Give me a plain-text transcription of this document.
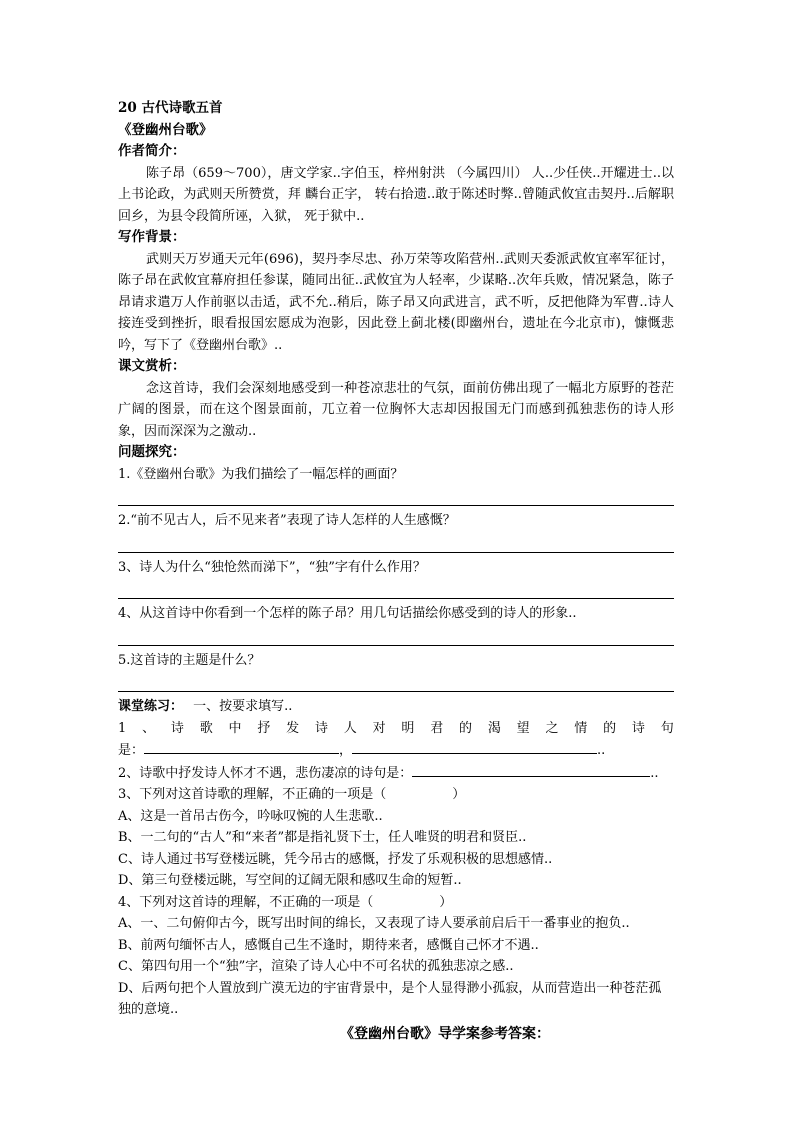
20 古代诗歌五首
《登幽州台歌》
作者简介：
陈子昂（659～700），唐文学家..字伯玉，梓州射洪 （今属四川） 人..少任侠..开耀进士..以上书论政，为武则天所赞赏，拜 麟台正字， 转右拾遗..敢于陈述时弊..曾随武攸宜击契丹..后解职 回乡，为县令段简所诬，入狱， 死于狱中..
写作背景：
武则天万岁通天元年(696)，契丹李尽忠、孙万荣等攻陷营州..武则天委派武攸宜率军征讨，陈子昂在武攸宜幕府担任参谋，随同出征..武攸宜为人轻率，少谋略..次年兵败，情况紧急，陈子昂请求遣万人作前驱以击适，武不允..稍后，陈子昂又向武进言，武不听，反把他降为军曹..诗人接连受到挫折，眼看报国宏愿成为泡影，因此登上蓟北楼(即幽州台，遗址在今北京市)，慷慨悲吟，写下了《登幽州台歌》..
课文赏析：
念这首诗，我们会深刻地感受到一种苍凉悲壮的气氛，面前仿佛出现了一幅北方原野的苍茫广阔的图景，而在这个图景面前，兀立着一位胸怀大志却因报国无门而感到孤独悲伤的诗人形象，因而深深为之激动..
问题探究：
1.《登幽州台歌》为我们描绘了一幅怎样的画面？
2.“前不见古人，后不见来者”表现了诗人怎样的人生感慨？
3、诗人为什么“独怆然而涕下”，“独”字有什么作用？
4、从这首诗中你看到一个怎样的陈子昂？用几句话描绘你感受到的诗人的形象..
5.这首诗的主题是什么？
课堂练习： 一、按要求填写..
1 、 诗 歌 中 抒 发 诗 人 对 明 君 的 渴 望 之 情 的 诗 句
是：	，	..
2、诗歌中抒发诗人怀才不遇，悲伤凄凉的诗句是：	..
3、下列对这首诗歌的理解，不正确的一项是（	）
A、这是一首吊古伤今，吟咏叹惋的人生悲歌..
B、一二句的“古人”和“来者”都是指礼贤下士，任人唯贤的明君和贤臣..
C、诗人通过书写登楼远眺，凭今吊古的感慨，抒发了乐观积极的思想感情..
D、第三句登楼远眺，写空间的辽阔无限和感叹生命的短暂..
4、下列对这首诗的理解，不正确的一项是（	）
A、一、二句俯仰古今，既写出时间的绵长，又表现了诗人要承前启后干一番事业的抱负..
B、前两句缅怀古人，感慨自己生不逢时，期待来者，感慨自己怀才不遇..
C、第四句用一个“独”字，渲染了诗人心中不可名状的孤独悲凉之感..
D、后两句把个人置放到广漠无边的宇宙背景中，是个人显得渺小孤寂，从而营造出一种苍茫孤独的意境..
《登幽州台歌》导学案参考答案：
